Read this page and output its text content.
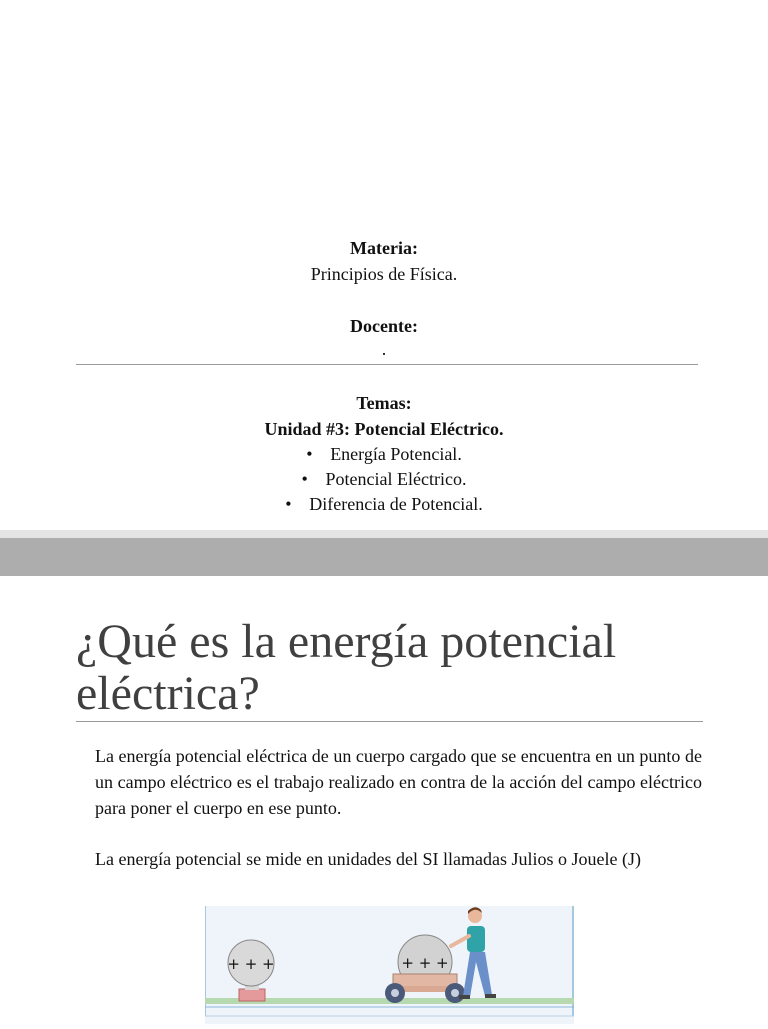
Materia:
Principios de Física.
Docente:
.
Temas:
Unidad #3: Potencial Eléctrico.
• Energía Potencial.
• Potencial Eléctrico.
• Diferencia de Potencial.
¿Qué es la energía potencial
eléctrica?

La energía potencial eléctrica de un cuerpo cargado que se encuentra en un punto de un campo eléctrico es el trabajo realizado en contra de la acción del campo eléctrico para poner el cuerpo en ese punto.

La energía potencial se mide en unidades del SI llamadas Julios o Jouele (J)

+ + +	+ + +
